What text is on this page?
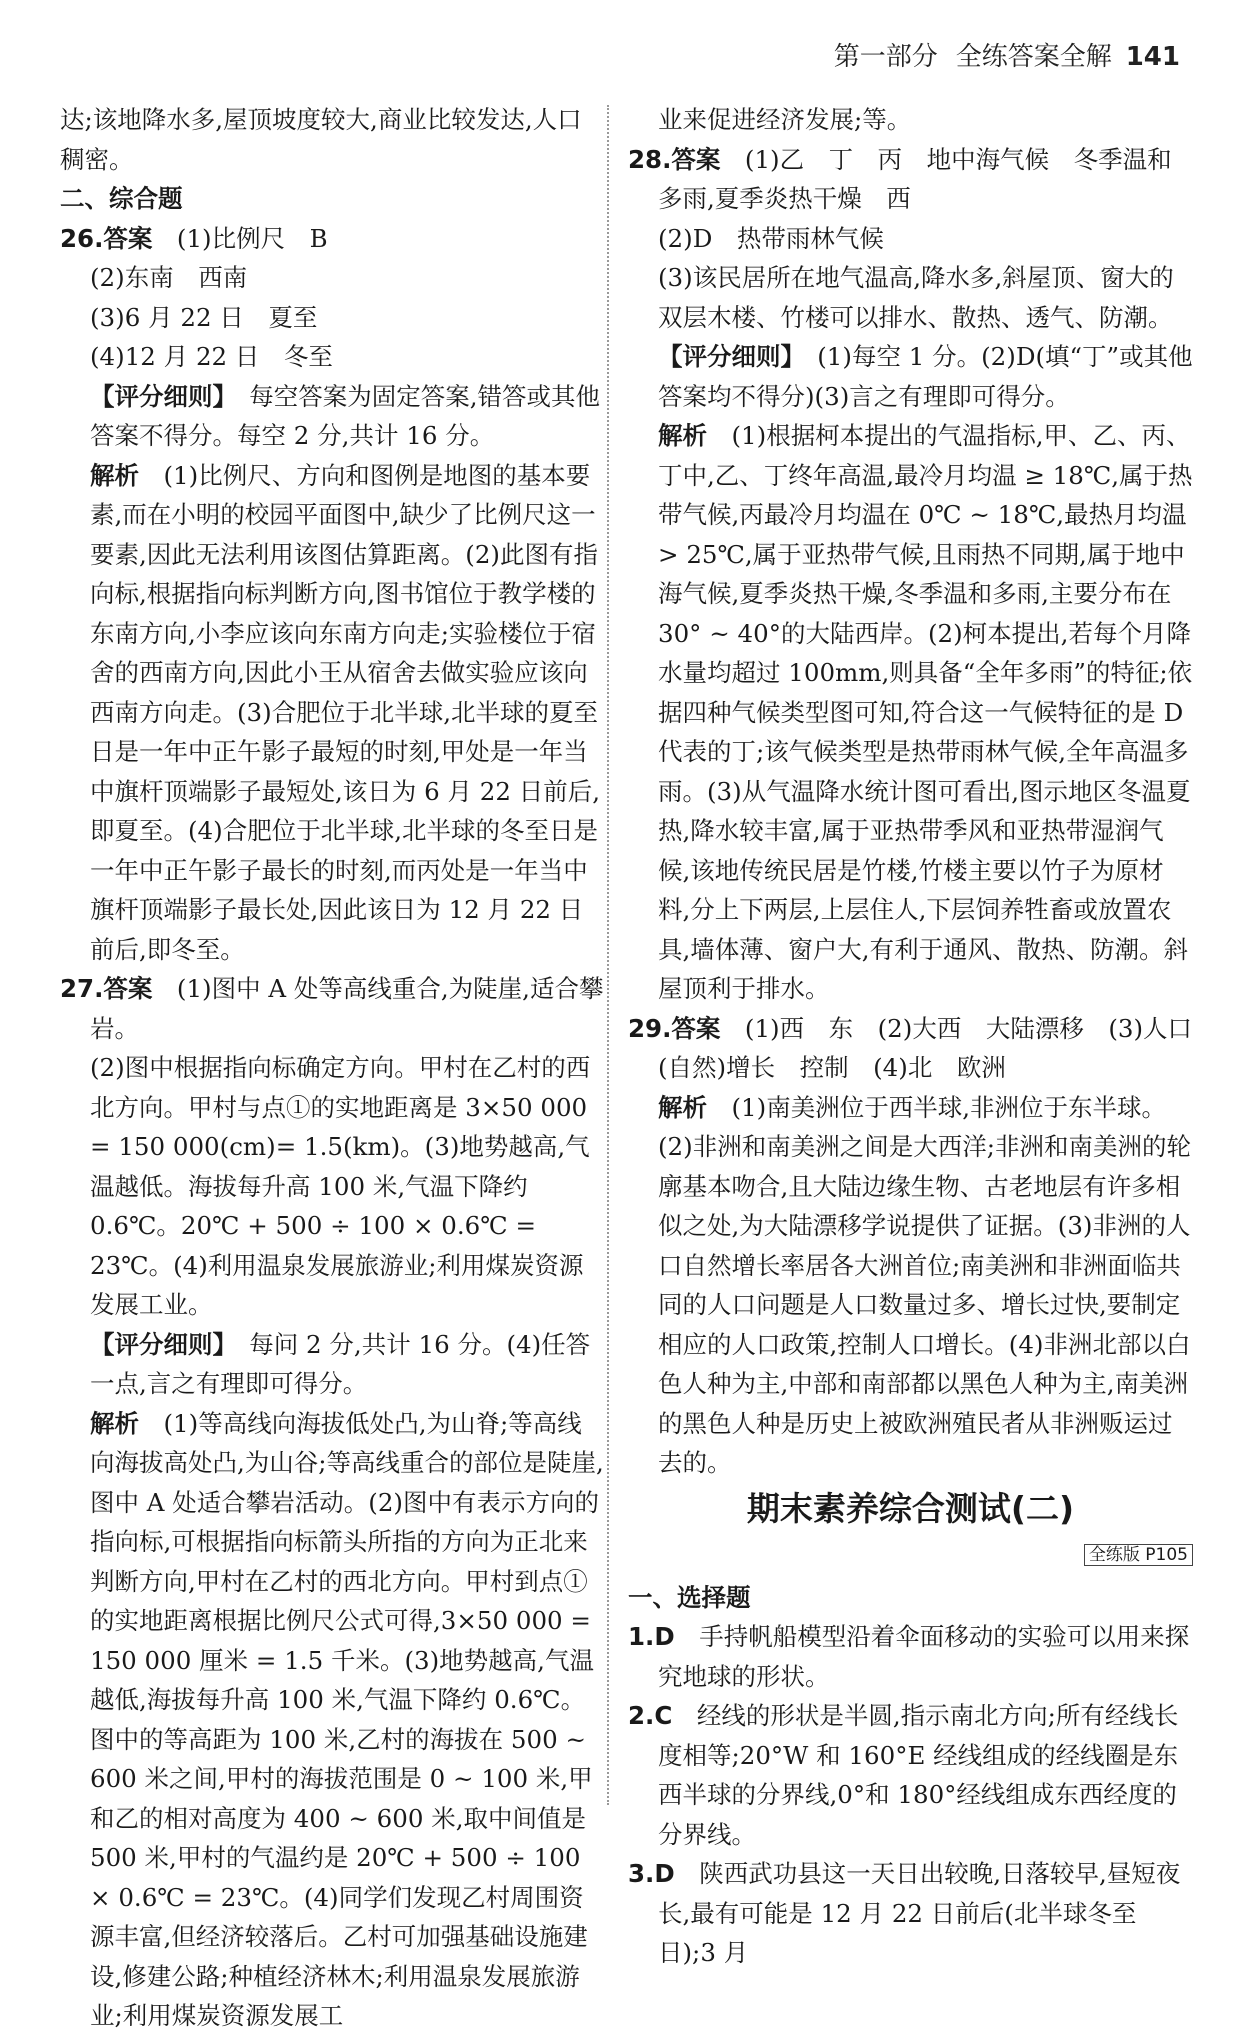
第一部分 全练答案全解 141

达;该地降水多,屋顶坡度较大,商业比较发达,人口稠密。

二、综合题

26.答案　 (1)比例尺　B

(2)东南　西南

(3)6 月 22 日　夏至

(4)12 月 22 日　冬至

【评分细则】　 每空答案为固定答案,错答或其他答案不得分。每空 2 分,共计 16 分。

解析　 (1)比例尺、方向和图例是地图的基本要素,而在小明的校园平面图中,缺少了比例尺这一要素,因此无法利用该图估算距离。(2)此图有指向标,根据指向标判断方向,图书馆位于教学楼的东南方向,小李应该向东南方向走;实验楼位于宿舍的西南方向,因此小王从宿舍去做实验应该向西南方向走。(3)合肥位于北半球,北半球的夏至日是一年中正午影子最短的时刻,甲处是一年当中旗杆顶端影子最短处,该日为 6 月 22 日前后,即夏至。(4)合肥位于北半球,北半球的冬至日是一年中正午影子最长的时刻,而丙处是一年当中旗杆顶端影子最长处,因此该日为 12 月 22 日前后,即冬至。

27.答案　 (1)图中 A 处等高线重合,为陡崖,适合攀岩。

(2)图中根据指向标确定方向。甲村在乙村的西北方向。甲村与点①的实地距离是 3×50 000 = 150 000(cm)= 1.5(km)。(3)地势越高,气温越低。海拔每升高 100 米,气温下降约 0.6℃。20℃ + 500 ÷ 100 × 0.6℃ = 23℃。(4)利用温泉发展旅游业;利用煤炭资源发展工业。

【评分细则】　 每问 2 分,共计 16 分。(4)任答一点,言之有理即可得分。

解析　 (1)等高线向海拔低处凸,为山脊;等高线向海拔高处凸,为山谷;等高线重合的部位是陡崖,图中 A 处适合攀岩活动。(2)图中有表示方向的指向标,可根据指向标箭头所指的方向为正北来判断方向,甲村在乙村的西北方向。甲村到点①的实地距离根据比例尺公式可得,3×50 000 = 150 000 厘米 = 1.5 千米。(3)地势越高,气温越低,海拔每升高 100 米,气温下降约 0.6℃。图中的等高距为 100 米,乙村的海拔在 500 ~ 600 米之间,甲村的海拔范围是 0 ~ 100 米,甲和乙的相对高度为 400 ~ 600 米,取中间值是 500 米,甲村的气温约是 20℃ + 500 ÷ 100 × 0.6℃ = 23℃。(4)同学们发现乙村周围资源丰富,但经济较落后。乙村可加强基础设施建设,修建公路;种植经济林木;利用温泉发展旅游业;利用煤炭资源发展工

业来促进经济发展;等。

28.答案　 (1)乙　丁　丙　地中海气候　冬季温和多雨,夏季炎热干燥　西

(2)D　热带雨林气候

(3)该民居所在地气温高,降水多,斜屋顶、窗大的双层木楼、竹楼可以排水、散热、透气、防潮。

【评分细则】　 (1)每空 1 分。(2)D(填“丁”或其他答案均不得分)(3)言之有理即可得分。

解析　 (1)根据柯本提出的气温指标,甲、乙、丙、丁中,乙、丁终年高温,最冷月均温 ≥ 18℃,属于热带气候,丙最冷月均温在 0℃ ~ 18℃,最热月均温 > 25℃,属于亚热带气候,且雨热不同期,属于地中海气候,夏季炎热干燥,冬季温和多雨,主要分布在 30° ~ 40°的大陆西岸。(2)柯本提出,若每个月降水量均超过 100mm,则具备“全年多雨”的特征;依据四种气候类型图可知,符合这一气候特征的是 D 代表的丁;该气候类型是热带雨林气候,全年高温多雨。(3)从气温降水统计图可看出,图示地区冬温夏热,降水较丰富,属于亚热带季风和亚热带湿润气候,该地传统民居是竹楼,竹楼主要以竹子为原材料,分上下两层,上层住人,下层饲养牲畜或放置农具,墙体薄、窗户大,有利于通风、散热、防潮。斜屋顶利于排水。

29.答案　 (1)西　东　(2)大西　大陆漂移　(3)人口(自然)增长　控制　(4)北　欧洲

解析　 (1)南美洲位于西半球,非洲位于东半球。(2)非洲和南美洲之间是大西洋;非洲和南美洲的轮廓基本吻合,且大陆边缘生物、古老地层有许多相似之处,为大陆漂移学说提供了证据。(3)非洲的人口自然增长率居各大洲首位;南美洲和非洲面临共同的人口问题是人口数量过多、增长过快,要制定相应的人口政策,控制人口增长。(4)非洲北部以白色人种为主,中部和南部都以黑色人种为主,南美洲的黑色人种是历史上被欧洲殖民者从非洲贩运过去的。

期末素养综合测试(二)
全练版 P105

一、选择题

1.D　 手持帆船模型沿着伞面移动的实验可以用来探究地球的形状。

2.C　 经线的形状是半圆,指示南北方向;所有经线长度相等;20°W 和 160°E 经线组成的经线圈是东西半球的分界线,0°和 180°经线组成东西经度的分界线。

3.D　 陕西武功县这一天日出较晚,日落较早,昼短夜长,最有可能是 12 月 22 日前后(北半球冬至日);3 月
